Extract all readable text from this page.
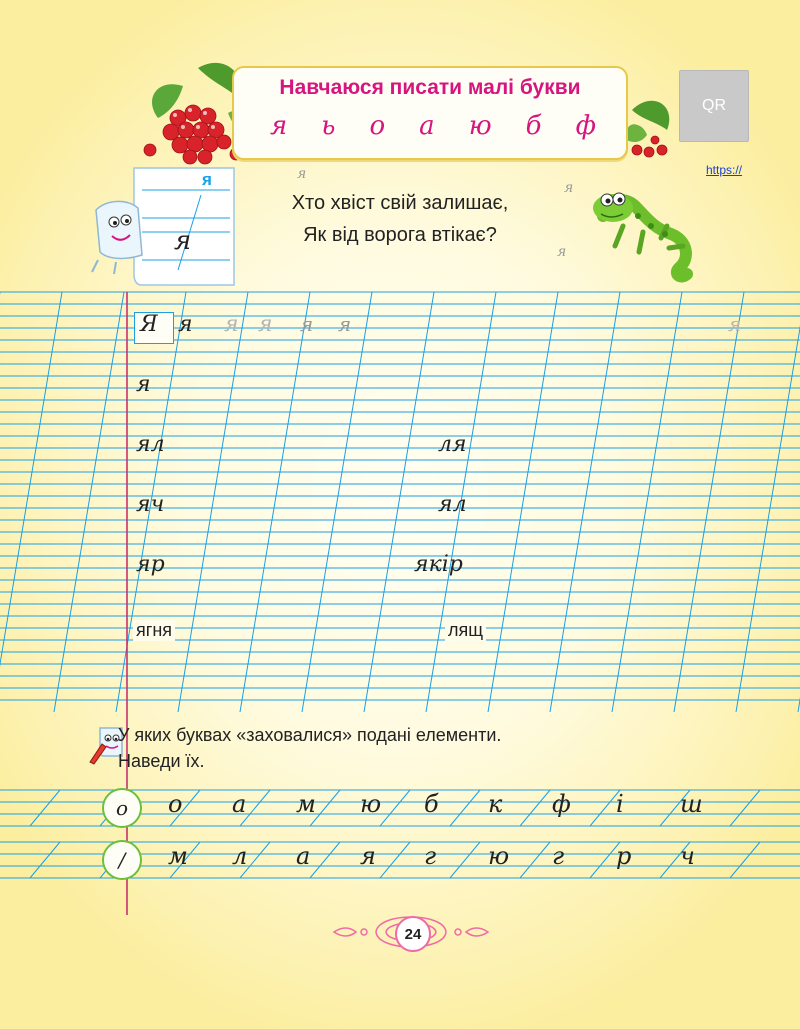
Навчаюся писати малі букви
я ь о а ю б ф
QR
https://
я
я
я
я
я
Хто хвіст свій залишає,
Як від ворога втікає?
Я я я я я я	я
я
ял	ля
яч	ял
яр	якір
ягня	лящ
У яких буквах «заховалися» подані елементи.
Наведи їх.
о	о а м ю б к ф і ш
/	м л а я г ю г р ч
24
